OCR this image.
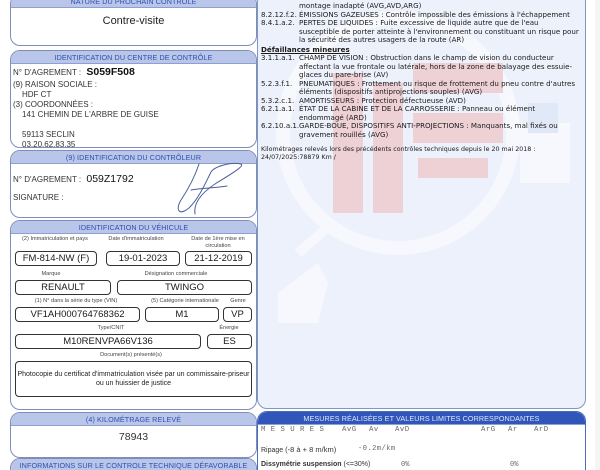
NATURE DU PROCHAIN CONTROLE
Contre-visite
IDENTIFICATION DU CENTRE DE CONTRÔLE
N° D'AGREMENT : S059F508
(9) RAISON SOCIALE :
HDF CT
(3) COORDONNÉES :
141 CHEMIN DE L'ARBRE DE GUISE
59113 SECLIN
03.20.62.83.35
(9) IDENTIFICATION DU CONTRÔLEUR
N° D'AGREMENT : 059Z1792
SIGNATURE :
IDENTIFICATION DU VÉHICULE
(2) Immatriculation et pays	Date d'immatriculation	Date de 1ère mise en circulation
FM-814-NW (F)	19-01-2023	21-12-2019
Marque	Désignation commerciale
RENAULT	TWINGO
(1) N° dans la série du type (VIN)	(5) Catégorie internationale	Genre
VF1AH000764768362	M1	VP
Type/CNIT	Énergie
M10RENVPA66V136	ES
Document(s) présenté(s)
Photocopie du certificat d'immatriculation visée par un commissaire-priseur ou un huissier de justice
(4) KILOMÉTRAGE RELEVÉ
78943
INFORMATIONS SUR LE CONTROLE TECHNIQUE DÉFAVORABLE
montage inadapté (AVG,AVD,ARG)
8.2.12.f.2. ÉMISSIONS GAZEUSES : Contrôle impossible des émissions à l'échappement
8.4.1.a.2. PERTES DE LIQUIDES : Fuite excessive de liquide autre que de l'eau susceptible de porter atteinte à l'environnement ou constituant un risque pour la sécurité des autres usagers de la route (AR)
Défaillances mineures
3.1.1.a.1. CHAMP DE VISION : Obstruction dans le champ de vision du conducteur affectant la vue frontale ou latérale, hors de la zone de balayage des essuie-glaces du pare-brise (AV)
5.2.3.f.1. PNEUMATIQUES : Frottement ou risque de frottement du pneu contre d'autres éléments (dispositifs antiprojections souples) (AVG)
5.3.2.c.1. AMORTISSEURS : Protection défectueuse (AVD)
6.2.1.a.1. ÉTAT DE LA CABINE ET DE LA CARROSSERIE : Panneau ou élément endommagé (ARD)
6.2.10.a.1. GARDE-BOUE, DISPOSITIFS ANTI-PROJECTIONS : Manquants, mal fixés ou gravement rouillés (AVG)
Kilométrages relevés lors des précédents contrôles techniques depuis le 20 mai 2018 :
24/07/2025:78879 Km /
MESURES RÉALISÉES ET VALEURS LIMITES CORRESPONDANTES
M E S U R E S AvG Av AvD	ArG Ar ArD
Ripage (-8 à + 8 m/km)	-0.2m/km
Dissymétrie suspension (<=30%)	0%	0%
